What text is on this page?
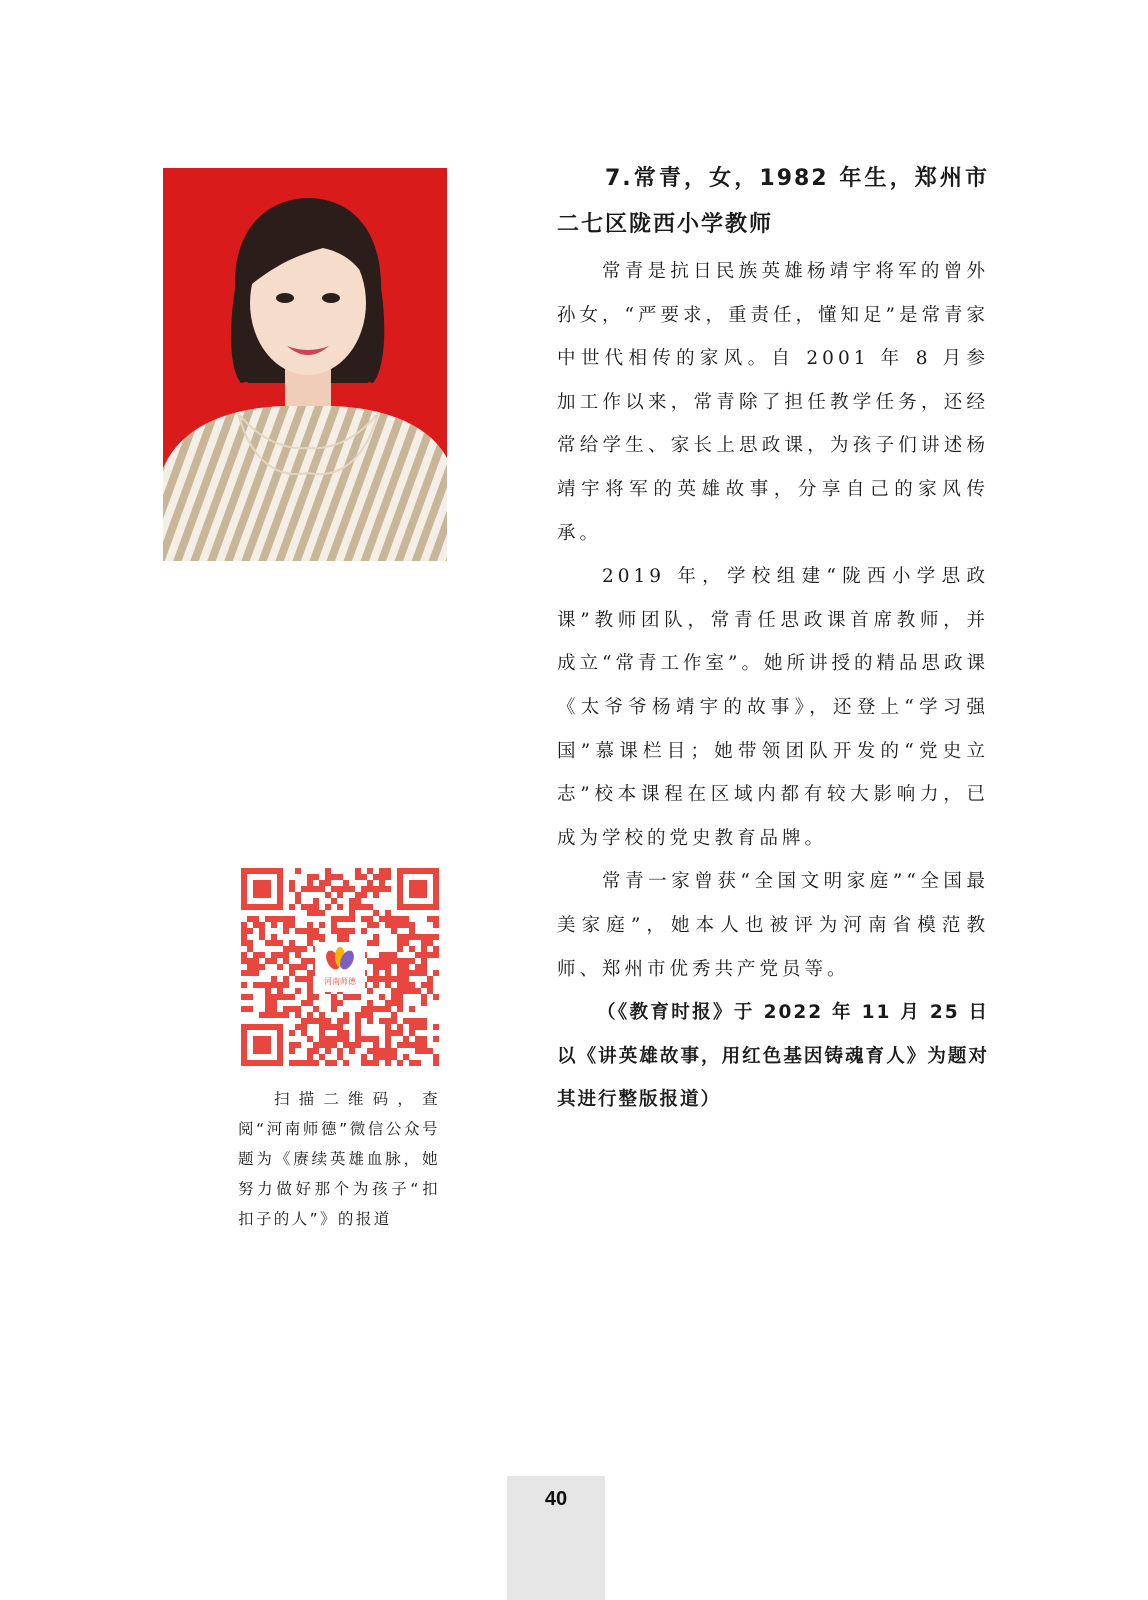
7.常青，女，1982 年生，郑州市二七区陇西小学教师

常青是抗日民族英雄杨靖宇将军的曾外孙女，“严要求，重责任，懂知足”是常青家中世代相传的家风。自 2001 年 8 月参加工作以来，常青除了担任教学任务，还经常给学生、家长上思政课，为孩子们讲述杨靖宇将军的英雄故事，分享自己的家风传承。

2019 年，学校组建“陇西小学思政课”教师团队，常青任思政课首席教师，并成立“常青工作室”。她所讲授的精品思政课《太爷爷杨靖宇的故事》，还登上“学习强国”慕课栏目；她带领团队开发的“党史立志”校本课程在区域内都有较大影响力，已成为学校的党史教育品牌。

常青一家曾获“全国文明家庭”“全国最美家庭”，她本人也被评为河南省模范教师、郑州市优秀共产党员等。

（《教育时报》于 2022 年 11 月 25 日以《讲英雄故事，用红色基因铸魂育人》为题对其进行整版报道）

河南师德

扫描二维码，查阅“河南师德”微信公众号题为《赓续英雄血脉，她努力做好那个为孩子“扣扣子的人”》的报道

40
